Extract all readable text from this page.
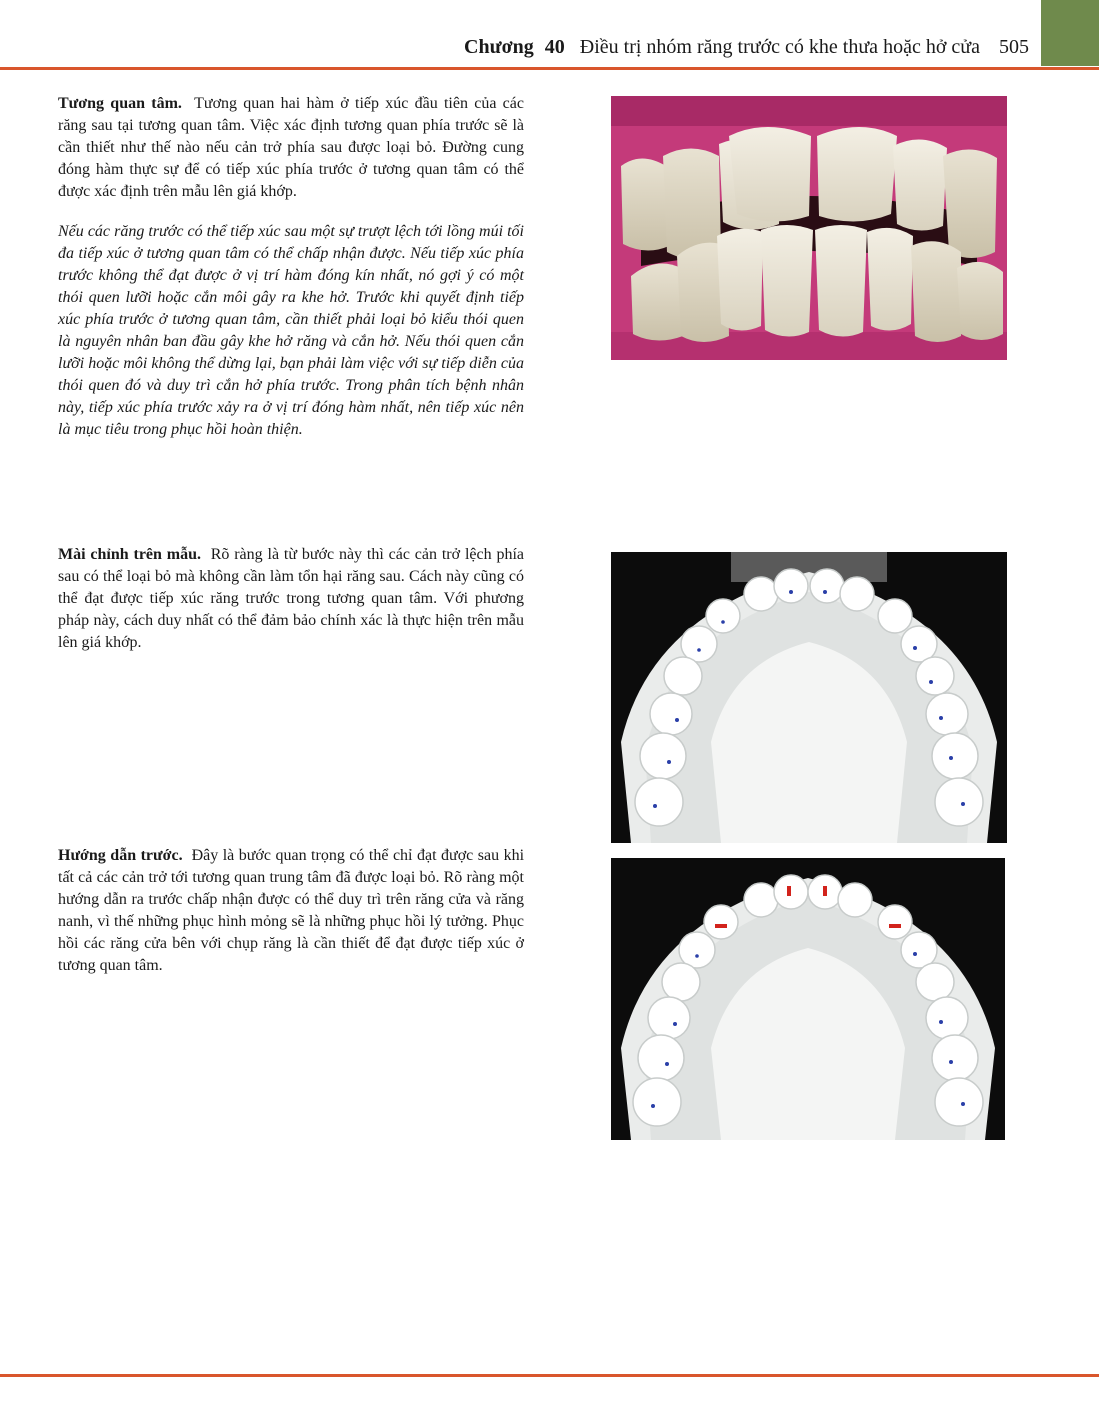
Chương 40 Điều trị nhóm răng trước có khe thưa hoặc hở cửa 505

Tương quan tâm. Tương quan hai hàm ở tiếp xúc đầu tiên của các răng sau tại tương quan tâm. Việc xác định tương quan phía trước sẽ là cần thiết như thế nào nếu cản trở phía sau được loại bỏ. Đường cung đóng hàm thực sự để có tiếp xúc phía trước ở tương quan tâm có thể được xác định trên mẫu lên giá khớp.

Nếu các răng trước có thể tiếp xúc sau một sự trượt lệch tới lồng múi tối đa tiếp xúc ở tương quan tâm có thể chấp nhận được. Nếu tiếp xúc phía trước không thể đạt được ở vị trí hàm đóng kín nhất, nó gợi ý có một thói quen lưỡi hoặc cắn môi gây ra khe hở. Trước khi quyết định tiếp xúc phía trước ở tương quan tâm, cần thiết phải loại bỏ kiểu thói quen là nguyên nhân ban đầu gây khe hở răng và cắn hở. Nếu thói quen cắn lưỡi hoặc môi không thể dừng lại, bạn phải làm việc với sự tiếp diễn của thói quen đó và duy trì cắn hở phía trước. Trong phân tích bệnh nhân này, tiếp xúc phía trước xảy ra ở vị trí đóng hàm nhất, nên tiếp xúc nên là mục tiêu trong phục hồi hoàn thiện.

Mài chỉnh trên mẫu. Rõ ràng là từ bước này thì các cản trở lệch phía sau có thể loại bỏ mà không cần làm tổn hại răng sau. Cách này cũng có thể đạt được tiếp xúc răng trước trong tương quan tâm. Với phương pháp này, cách duy nhất có thể đảm bảo chính xác là thực hiện trên mẫu lên giá khớp.

Hướng dẫn trước. Đây là bước quan trọng có thể chỉ đạt được sau khi tất cả các cản trở tới tương quan trung tâm đã được loại bỏ. Rõ ràng một hướng dẫn ra trước chấp nhận được có thể duy trì trên răng cửa và răng nanh, vì thế những phục hình mỏng sẽ là những phục hồi lý tưởng. Phục hồi các răng cửa bên với chụp răng là cần thiết để đạt được tiếp xúc ở tương quan tâm.
